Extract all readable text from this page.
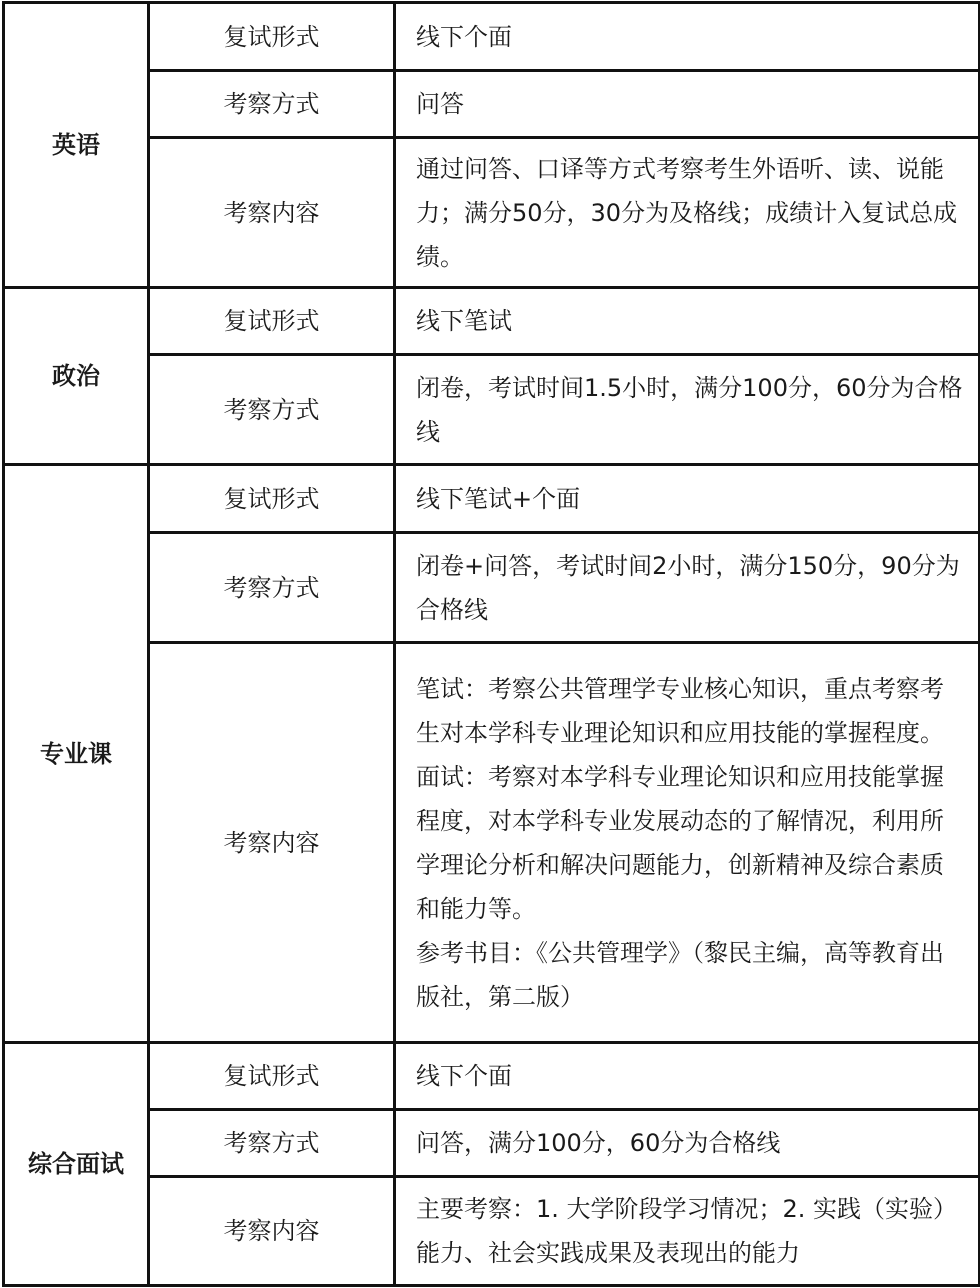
英语	复试形式	线下个面

	考察方式	问答

	考察内容	通过问答、口译等方式考察考生外语听、读、说能力；满分50分，30分为及格线；成绩计入复试总成绩。

政治	复试形式	线下笔试

	考察方式	闭卷，考试时间1.5小时，满分100分，60分为合格线

专业课	复试形式	线下笔试+个面

	考察方式	闭卷+问答，考试时间2小时，满分150分，90分为合格线

	考察内容	笔试：考察公共管理学专业核心知识，重点考察考生对本学科专业理论知识和应用技能的掌握程度。
面试：考察对本学科专业理论知识和应用技能掌握程度，对本学科专业发展动态的了解情况，利用所学理论分析和解决问题能力，创新精神及综合素质和能力等。
参考书目：《公共管理学》（黎民主编，高等教育出版社，第二版）

综合面试	复试形式	线下个面

	考察方式	问答，满分100分，60分为合格线

	考察内容	主要考察：1. 大学阶段学习情况；2. 实践（实验）能力、社会实践成果及表现出的能力
